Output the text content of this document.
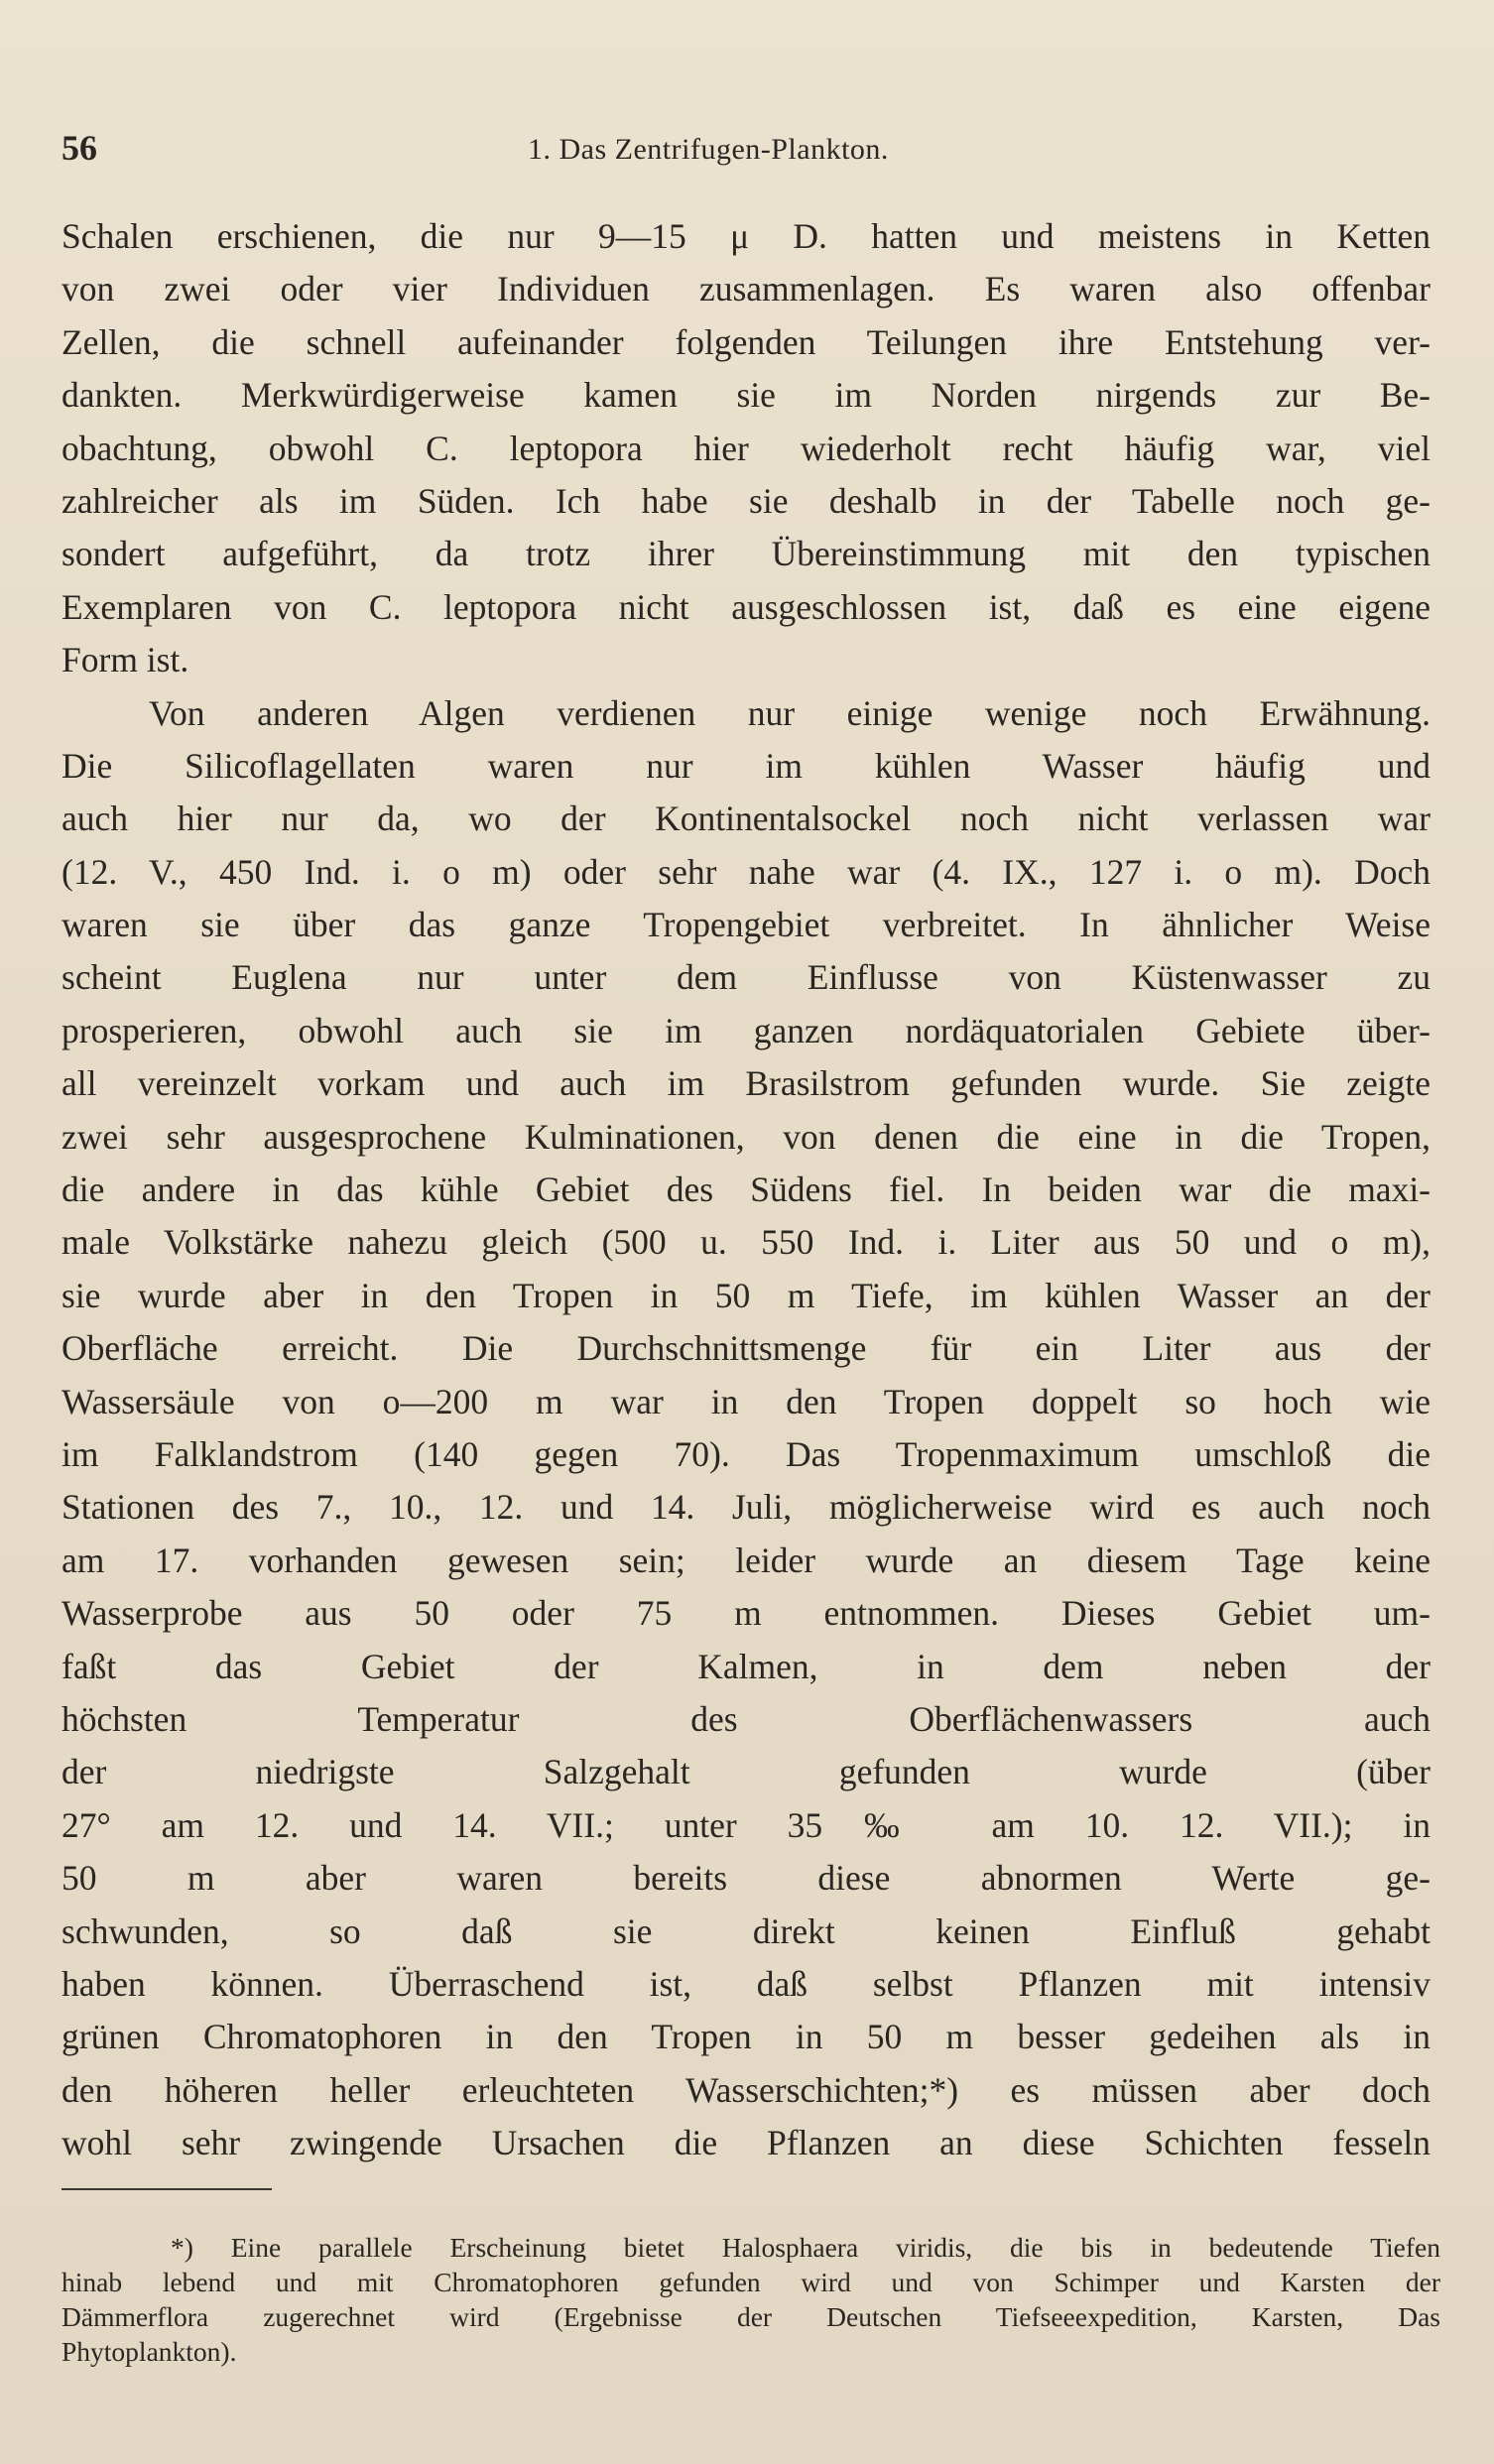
56	1. Das Zentrifugen-Plankton.
Schalen erschienen, die nur 9—15 μ D. hatten und meistens in Ketten
von zwei oder vier Individuen zusammenlagen. Es waren also offenbar
Zellen, die schnell aufeinander folgenden Teilungen ihre Entstehung ver-
dankten. Merkwürdigerweise kamen sie im Norden nirgends zur Be-
obachtung, obwohl C. leptopora hier wiederholt recht häufig war, viel
zahlreicher als im Süden. Ich habe sie deshalb in der Tabelle noch ge-
sondert aufgeführt, da trotz ihrer Übereinstimmung mit den typischen
Exemplaren von C. leptopora nicht ausgeschlossen ist, daß es eine eigene
Form ist.
Von anderen Algen verdienen nur einige wenige noch Erwähnung.
Die Silicoflagellaten waren nur im kühlen Wasser häufig und
auch hier nur da, wo der Kontinentalsockel noch nicht verlassen war
(12. V., 450 Ind. i. o m) oder sehr nahe war (4. IX., 127 i. o m). Doch
waren sie über das ganze Tropengebiet verbreitet. In ähnlicher Weise
scheint Euglena nur unter dem Einflusse von Küstenwasser zu
prosperieren, obwohl auch sie im ganzen nordäquatorialen Gebiete über-
all vereinzelt vorkam und auch im Brasilstrom gefunden wurde. Sie zeigte
zwei sehr ausgesprochene Kulminationen, von denen die eine in die Tropen,
die andere in das kühle Gebiet des Südens fiel. In beiden war die maxi-
male Volkstärke nahezu gleich (500 u. 550 Ind. i. Liter aus 50 und o m),
sie wurde aber in den Tropen in 50 m Tiefe, im kühlen Wasser an der
Oberfläche erreicht. Die Durchschnittsmenge für ein Liter aus der
Wassersäule von o—200 m war in den Tropen doppelt so hoch wie
im Falklandstrom (140 gegen 70). Das Tropenmaximum umschloß die
Stationen des 7., 10., 12. und 14. Juli, möglicherweise wird es auch noch
am 17. vorhanden gewesen sein; leider wurde an diesem Tage keine
Wasserprobe aus 50 oder 75 m entnommen. Dieses Gebiet um-
faßt das Gebiet der Kalmen, in dem neben der
höchsten Temperatur des Oberflächenwassers auch
der niedrigste Salzgehalt gefunden wurde (über
27° am 12. und 14. VII.; unter 35‰ am 10. 12. VII.); in
50 m aber waren bereits diese abnormen Werte ge-
schwunden, so daß sie direkt keinen Einfluß gehabt
haben können. Überraschend ist, daß selbst Pflanzen mit intensiv
grünen Chromatophoren in den Tropen in 50 m besser gedeihen als in
den höheren heller erleuchteten Wasserschichten;*) es müssen aber doch
wohl sehr zwingende Ursachen die Pflanzen an diese Schichten fesseln
*) Eine parallele Erscheinung bietet Halosphaera viridis, die bis in bedeutende Tiefen
hinab lebend und mit Chromatophoren gefunden wird und von Schimper und Karsten der
Dämmerflora zugerechnet wird (Ergebnisse der Deutschen Tiefseeexpedition, Karsten, Das
Phytoplankton).
